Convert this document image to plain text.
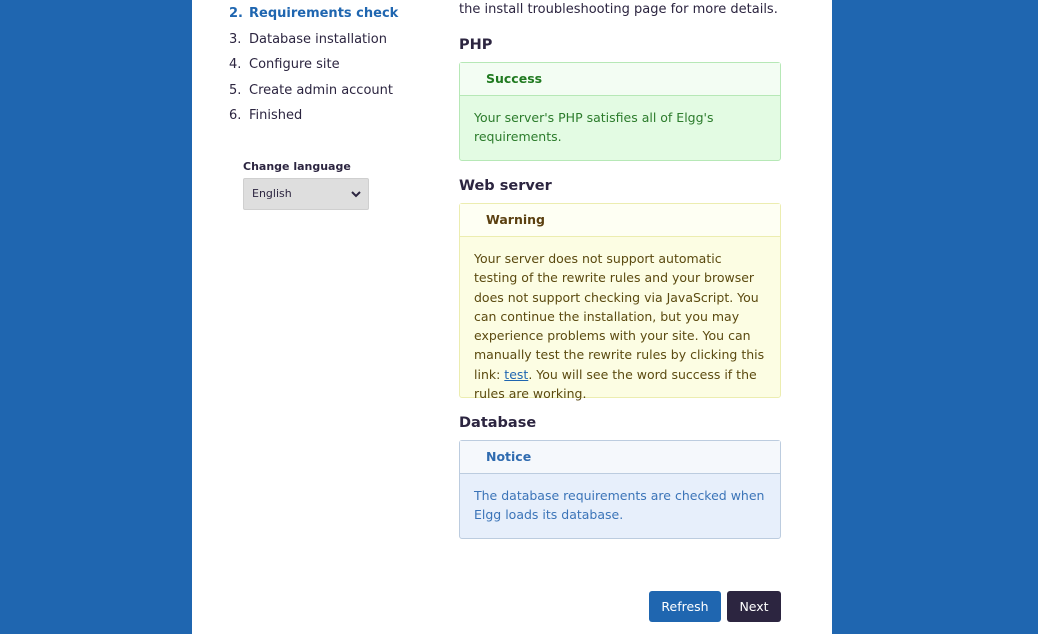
2. Requirements check
3. Database installation
4. Configure site
5. Create admin account
6. Finished
Change language
English
the install troubleshooting page for more details.
PHP
Success
Your server's PHP satisfies all of Elgg's requirements.
Web server
Warning
Your server does not support automatic testing of the rewrite rules and your browser does not support checking via JavaScript. You can continue the installation, but you may experience problems with your site. You can manually test the rewrite rules by clicking this link: test. You will see the word success if the rules are working.
Database
Notice
The database requirements are checked when Elgg loads its database.
Refresh	Next
